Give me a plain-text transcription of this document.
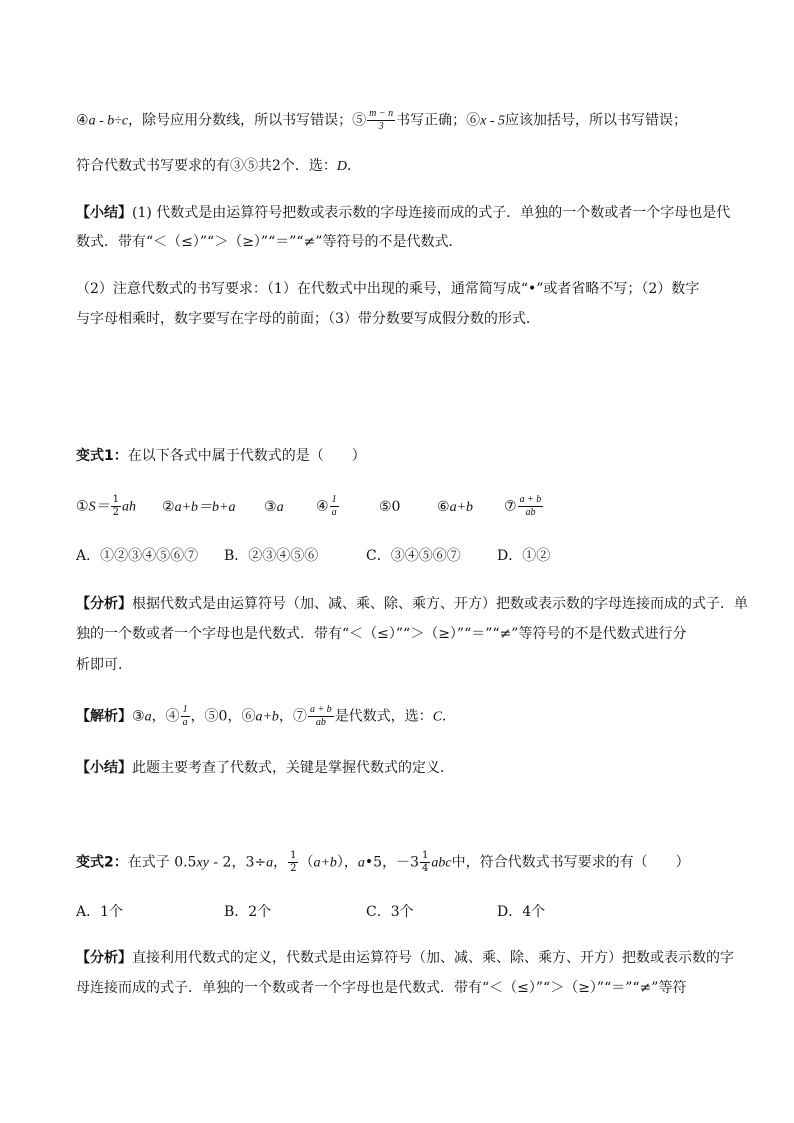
④a - b÷c，除号应用分数线，所以书写错误；⑤ $\frac{m - n}{3}$ 书写正确；⑥x - 5应该加括号，所以书写错误；
符合代数式书写要求的有③⑤共2个．选：D．
【小结】(1) 代数式是由运算符号把数或表示数的字母连接而成的式子．单独的一个数或者一个字母也是代
数式．带有“＜（≤）”“＞（≥）”“＝”“≠”等符号的不是代数式．
（2）注意代数式的书写要求：（1）在代数式中出现的乘号，通常简写成“•”或者省略不写；（2）数字
与字母相乘时，数字要写在字母的前面；（3）带分数要写成假分数的形式．
变式1：在以下各式中属于代数式的是（　　）
①S＝ $\frac{1}{2}$ ah ②a+b＝b+a ③a ④ $\frac{1}{a}$	⑤0	⑥a+b ⑦ $\frac{a + b}{ab}$
A．①②③④⑤⑥⑦ B．②③④⑤⑥	C．③④⑤⑥⑦	D．①②
【分析】根据代数式是由运算符号（加、减、乘、除、乘方、开方）把数或表示数的字母连接而成的式子．单
独的一个数或者一个字母也是代数式．带有“＜（≤）”“＞（≥）”“＝”“≠”等符号的不是代数式进行分
析即可．
【解析】③a，④ $\frac{1}{a}$ ，⑤0，⑥a+b，⑦ $\frac{a + b}{ab}$ 是代数式，选：C．
【小结】此题主要考查了代数式，关键是掌握代数式的定义．
变式2：在式子 0.5xy - 2，3÷a， $\frac{1}{2} (a+b)$，a•5，$-3 \frac{1}{4}$ abc中，符合代数式书写要求的有（　　）
A．1个	B．2个	C．3个	D．4个
【分析】直接利用代数式的定义，代数式是由运算符号（加、减、乘、除、乘方、开方）把数或表示数的字
母连接而成的式子．单独的一个数或者一个字母也是代数式．带有“＜（≤）”“＞（≥）”“＝”“≠”等符
